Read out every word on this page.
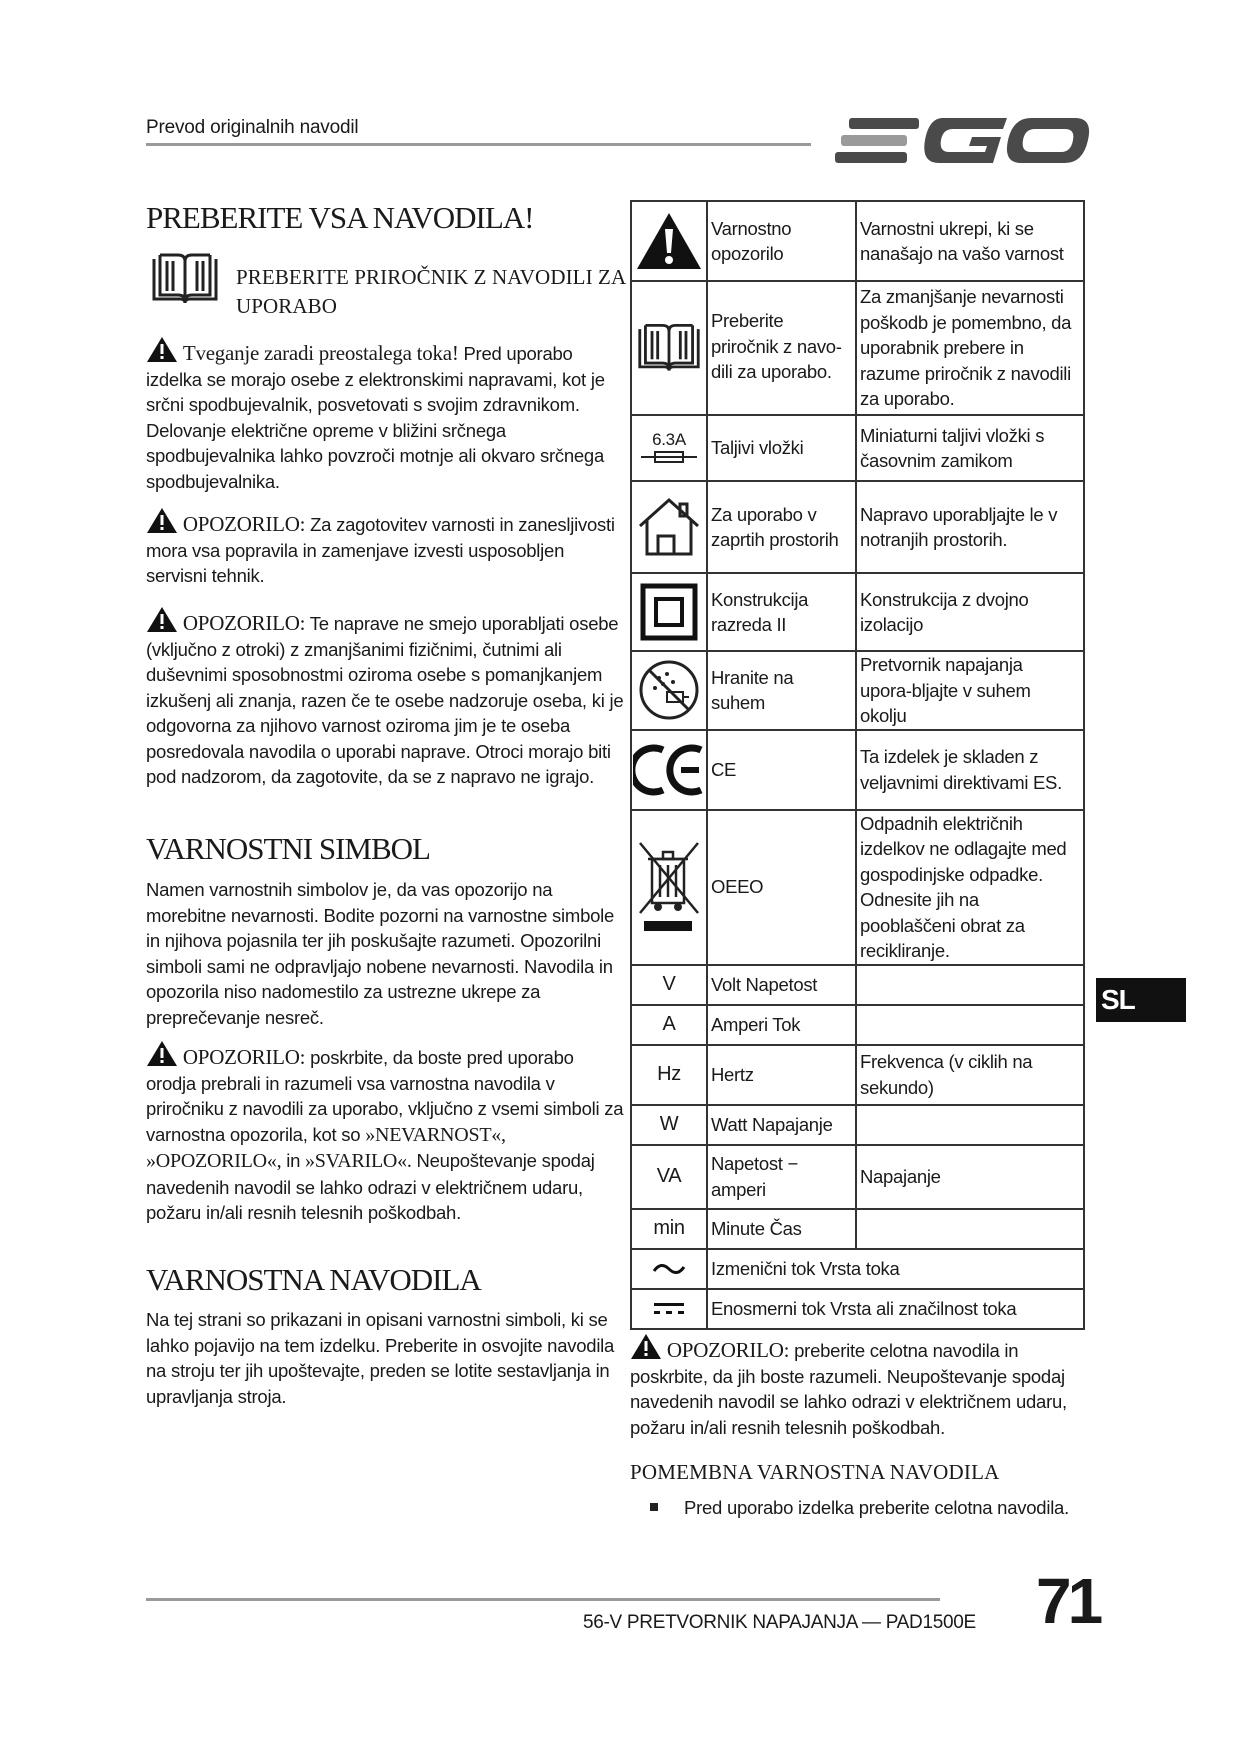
Prevod originalnih navodil
PREBERITE VSA NAVODILA!
PREBERITE PRIROČNIK Z NAVODILI ZA UPORABO
Tveganje zaradi preostalega toka! Pred uporabo izdelka se morajo osebe z elektronskimi napravami, kot je srčni spodbujevalnik, posvetovati s svojim zdravnikom. Delovanje električne opreme v bližini srčnega spodbujevalnika lahko povzroči motnje ali okvaro srčnega spodbujevalnika.
OPOZORILO: Za zagotovitev varnosti in zanesljivosti mora vsa popravila in zamenjave izvesti usposobljen servisni tehnik.
OPOZORILO: Te naprave ne smejo uporabljati osebe (vključno z otroki) z zmanjšanimi fizičnimi, čutnimi ali duševnimi sposobnostmi oziroma osebe s pomanjkanjem izkušenj ali znanja, razen če te osebe nadzoruje oseba, ki je odgovorna za njihovo varnost oziroma jim je te oseba posredovala navodila o uporabi naprave. Otroci morajo biti pod nadzorom, da zagotovite, da se z napravo ne igrajo.
VARNOSTNI SIMBOL
Namen varnostnih simbolov je, da vas opozorijo na morebitne nevarnosti. Bodite pozorni na varnostne simbole in njihova pojasnila ter jih poskušajte razumeti. Opozorilni simboli sami ne odpravljajo nobene nevarnosti. Navodila in opozorila niso nadomestilo za ustrezne ukrepe za preprečevanje nesreč.
OPOZORILO: poskrbite, da boste pred uporabo orodja prebrali in razumeli vsa varnostna navodila v priročniku z navodili za uporabo, vključno z vsemi simboli za varnostna opozorila, kot so »NEVARNOST«, »OPOZORILO«, in »SVARILO«. Neupoštevanje spodaj navedenih navodil se lahko odrazi v električnem udaru, požaru in/ali resnih telesnih poškodbah.
VARNOSTNA NAVODILA
Na tej strani so prikazani in opisani varnostni simboli, ki se lahko pojavijo na tem izdelku. Preberite in osvojite navodila na stroju ter jih upoštevajte, preden se lotite sestavljanja in upravljanja stroja.
	Varnostno opozorilo	Varnostni ukrepi, ki se nanašajo na vašo varnost

	Preberite priročnik z navo-dili za uporabo.	Za zmanjšanje nevarnosti poškodb je pomembno, da uporabnik prebere in razume priročnik z navodili za uporabo.

6.3A	Taljivi vložki	Miniaturni taljivi vložki s časovnim zamikom

	Za uporabo v zaprtih prostorih	Napravo uporabljajte le v notranjih prostorih.

	Konstrukcija razreda II	Konstrukcija z dvojno izolacijo

	Hranite na suhem	Pretvornik napajanja upora-bljajte v suhem okolju

	CE	Ta izdelek je skladen z veljavnimi direktivami ES.

	OEEO	Odpadnih električnih izdelkov ne odlagajte med gospodinjske odpadke. Odnesite jih na pooblaščeni obrat za recikliranje.
V	Volt Napetost	
A	Amperi Tok	
Hz	Hertz	Frekvenca (v ciklih na sekundo)
W	Watt Napajanje	
VA	Napetost − amperi	Napajanje
min	Minute Čas	

	Izmenični tok Vrsta toka	

	Enosmerni tok Vrsta ali značilnost toka	
SL
OPOZORILO: preberite celotna navodila in poskrbite, da jih boste razumeli. Neupoštevanje spodaj navedenih navodil se lahko odrazi v električnem udaru, požaru in/ali resnih telesnih poškodbah.
POMEMBNA VARNOSTNA NAVODILA
Pred uporabo izdelka preberite celotna navodila.
56-V PRETVORNIK NAPAJANJA — PAD1500E 71
